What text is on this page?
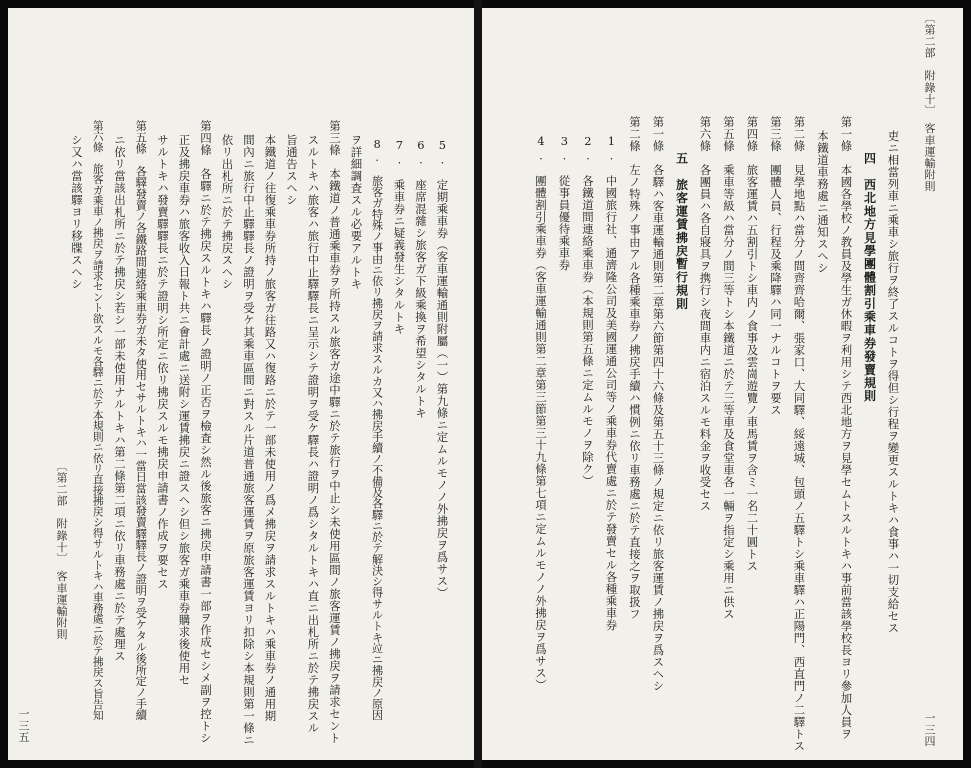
5.　定期乘車券（客車運輸通則附屬（一）第九條ニ定ムルモノノ外拂戻ヲ爲サス）
6.　座席混雜シ旅客ガ下級乘換ヲ希望シタルトキ
7.　乘車券ニ疑義發生シタルトキ
8.　旅客ガ特殊ノ事由ニ依リ拂戻ヲ請求スルカ又ハ拂戻手續ノ不備及各驛ニ於テ解決シ得サルトキ竝ニ拂戻ノ原因
ヲ詳細調査スル必要アルトキ
第三條　本鐵道ノ普通乘車券ヲ所持スル旅客ガ途中驛ニ於テ旅行ヲ中止シ未使用區間ノ旅客運賃ノ拂戻ヲ請求セント
スルトキハ旅客ハ旅行中止驛驛長ニ呈示シテ證明ヲ受ケ驛長ハ證明ノ爲シタルトキハ直ニ出札所ニ於テ拂戻スル
旨通告スヘシ
本鐵道ノ往復乘車券所持ノ旅客ガ往路又ハ復路ニ於テ一部未使用ノ爲メ拂戻ヲ請求スルトキハ乘車券ノ通用期
間內ニ旅行中止驛驛長ノ證明ヲ受ケ其乘車區間ニ對スル片道普通旅客運賃ヲ原旅客運賃ヨリ扣除シ本規則第一條ニ
依リ出札所ニ於テ拂戻スヘシ
第四條　各驛ニ於テ拂戻スルトキハ驛長ノ證明ノ正否ヲ檢査シ然ル後旅客ニ拂戻申請書一部ヲ作成セシメ副ヲ控トシ
正及拂戻車券ハ旅客收入日報ト共ニ會計處ニ送附シ運賃拂戻ニ證スヘシ但シ旅客ガ乘車券購求後使用セ
サルトキハ發賣驛驛長ニ於テ證明シ所定ニ依リ拂戻スルモ拂戻申請書ノ作成ヲ要セス
第五條　各驛發賣ノ各鐵路間連絡乘車券ガ未タ使用セサルトキハ一當日當該發賣驛驛長ノ證明ヲ受ケタル後所定ノ手續
ニ依リ當該出札所ニ於テ拂戻シ若シ一部未使用ナルトキハ第二條第二項ニ依リ車務處ニ於テ處理ス
第六條　旅客ガ乘車ノ拂戻ヲ請求セント欲スルモ各驛ニ於テ本規則ニ依リ直接拂戻シ得サルトキハ車務處ニ於テ拂戻ス旨告知
シ又ハ當該驛ヨリ移牒スヘシ
〔第二部　附錄十〕　客車運輸附則
一三五
〔第二部　附錄十〕　客車運輸附則
一三四
吏ニ相當列車ニ乘車シ旅行ヲ終了スルコトヲ得但シ行程ヲ變更スルトキハ食事ハ一切支給セス
四　西北地方見學團體割引乘車券發賣規則
第一條　本國各學校ノ教員及學生ガ休暇ヲ利用シテ西北地方ヲ見學セムトスルトキハ事前當該學校長ヨリ參加人員ヲ
本鐵道車務處ニ通知スヘシ
第二條　見學地點ハ當分ノ間齊齊哈爾、張家口、大同驛、綏遠城、包頭ノ五驛トシ乘車驛ハ正陽門、西直門ノ二驛トス
第三條　團體人員、行程及乘降驛ハ同一ナルコトヲ要ス
第四條　旅客運賃ハ五割引トシ車内ノ食事及雲崗遊覽ノ車馬賃ヲ含ミ一名二十圓トス
第五條　乘車等級ハ當分ノ間三等トシ本鐵道ニ於テ三等車及食堂車各一輛ヲ指定シ乘用ニ供ス
第六條　各團員ハ各自寢具ヲ携行シ夜間車内ニ宿泊スルモ料金ヲ收受セス
五　旅客運賃拂戻暫行規則
第一條　各驛ハ客車運輸通則第二章第六節第四十六條及第五十三條ノ規定ニ依リ旅客運賃ノ拂戻ヲ爲スヘシ
第二條　左ノ特殊ノ事由アル各種乘車券ノ拂戻手續ハ慣例ニ依リ車務處ニ於テ直接之ヲ取扱フ
1.　中國旅行社、通濟隆公司及美國運通公司等ノ乘車券代賣處ニ於テ發賣セル各種乘車券
2.　各鐵道間連絡乘車券（本規則第五條ニ定ムルモノヲ除ク）
3.　從事員優待乘車券
4.　團體割引乘車券（客車運輸通則第二章第三節第三十九條第七項ニ定ムルモノノ外拂戻ヲ爲サス）
